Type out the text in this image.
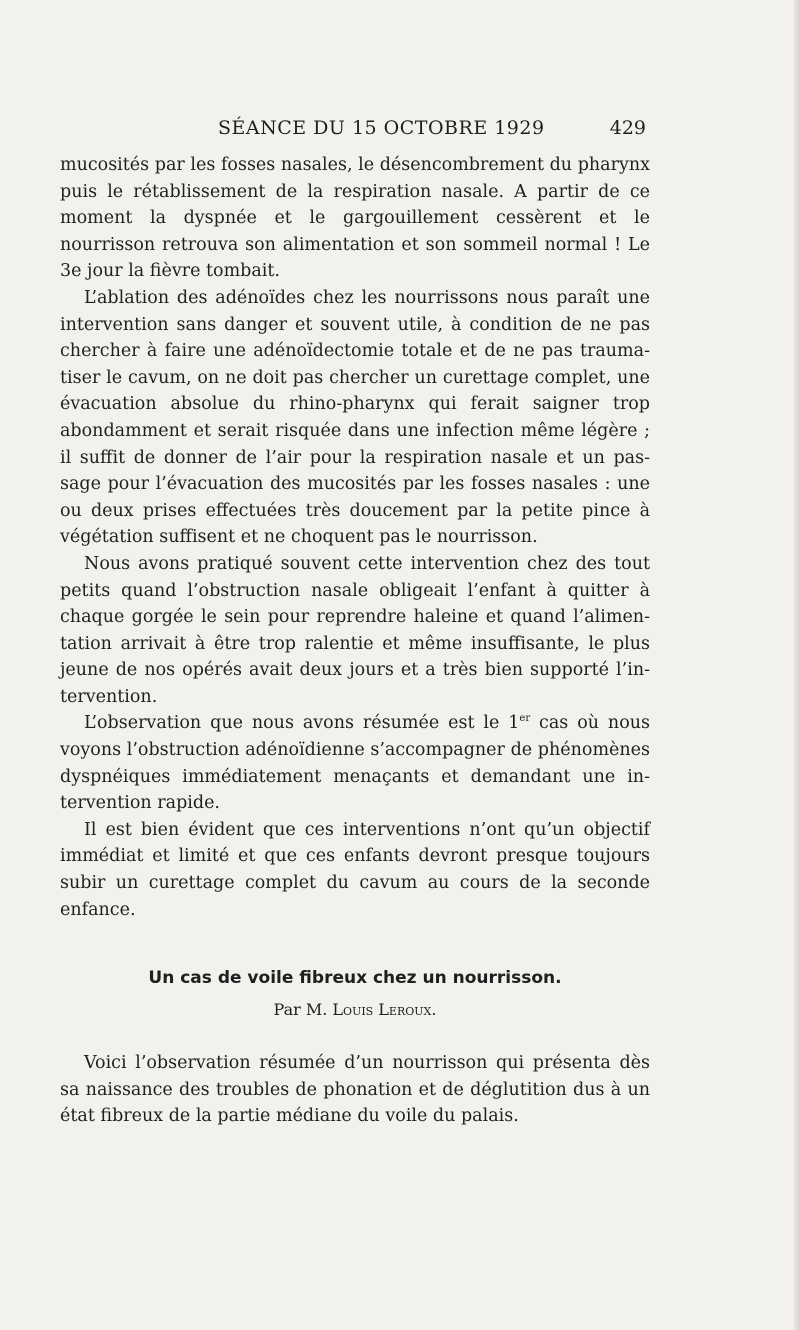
SÉANCE DU 15 OCTOBRE 1929	429

mucosités par les fosses nasales, le désencombrement du pharynx puis le rétablissement de la respiration nasale. A partir de ce moment la dyspnée et le gargouillement cessèrent et le nourrisson retrouva son alimentation et son sommeil normal ! Le 3e jour la fièvre tombait.

L’ablation des adénoïdes chez les nourrissons nous paraît une intervention sans danger et souvent utile, à condition de ne pas chercher à faire une adénoïdectomie totale et de ne pas trauma-tiser le cavum, on ne doit pas chercher un curettage complet, une évacuation absolue du rhino-pharynx qui ferait saigner trop abondamment et serait risquée dans une infection même légère ; il suffit de donner de l’air pour la respiration nasale et un pas-sage pour l’évacuation des mucosités par les fosses nasales : une ou deux prises effectuées très doucement par la petite pince à végétation suffisent et ne choquent pas le nourrisson.

Nous avons pratiqué souvent cette intervention chez des tout petits quand l’obstruction nasale obligeait l’enfant à quitter à chaque gorgée le sein pour reprendre haleine et quand l’alimen-tation arrivait à être trop ralentie et même insuffisante, le plus jeune de nos opérés avait deux jours et a très bien supporté l’in-tervention.

L’observation que nous avons résumée est le 1er cas où nous voyons l’obstruction adénoïdienne s’accompagner de phénomènes dyspnéiques immédiatement menaçants et demandant une in-tervention rapide.

Il est bien évident que ces interventions n’ont qu’un objectif immédiat et limité et que ces enfants devront presque toujours subir un curettage complet du cavum au cours de la seconde enfance.

Un cas de voile fibreux chez un nourrisson.

Par M. Louis Leroux.

Voici l’observation résumée d’un nourrisson qui présenta dès sa naissance des troubles de phonation et de déglutition dus à un état fibreux de la partie médiane du voile du palais.
